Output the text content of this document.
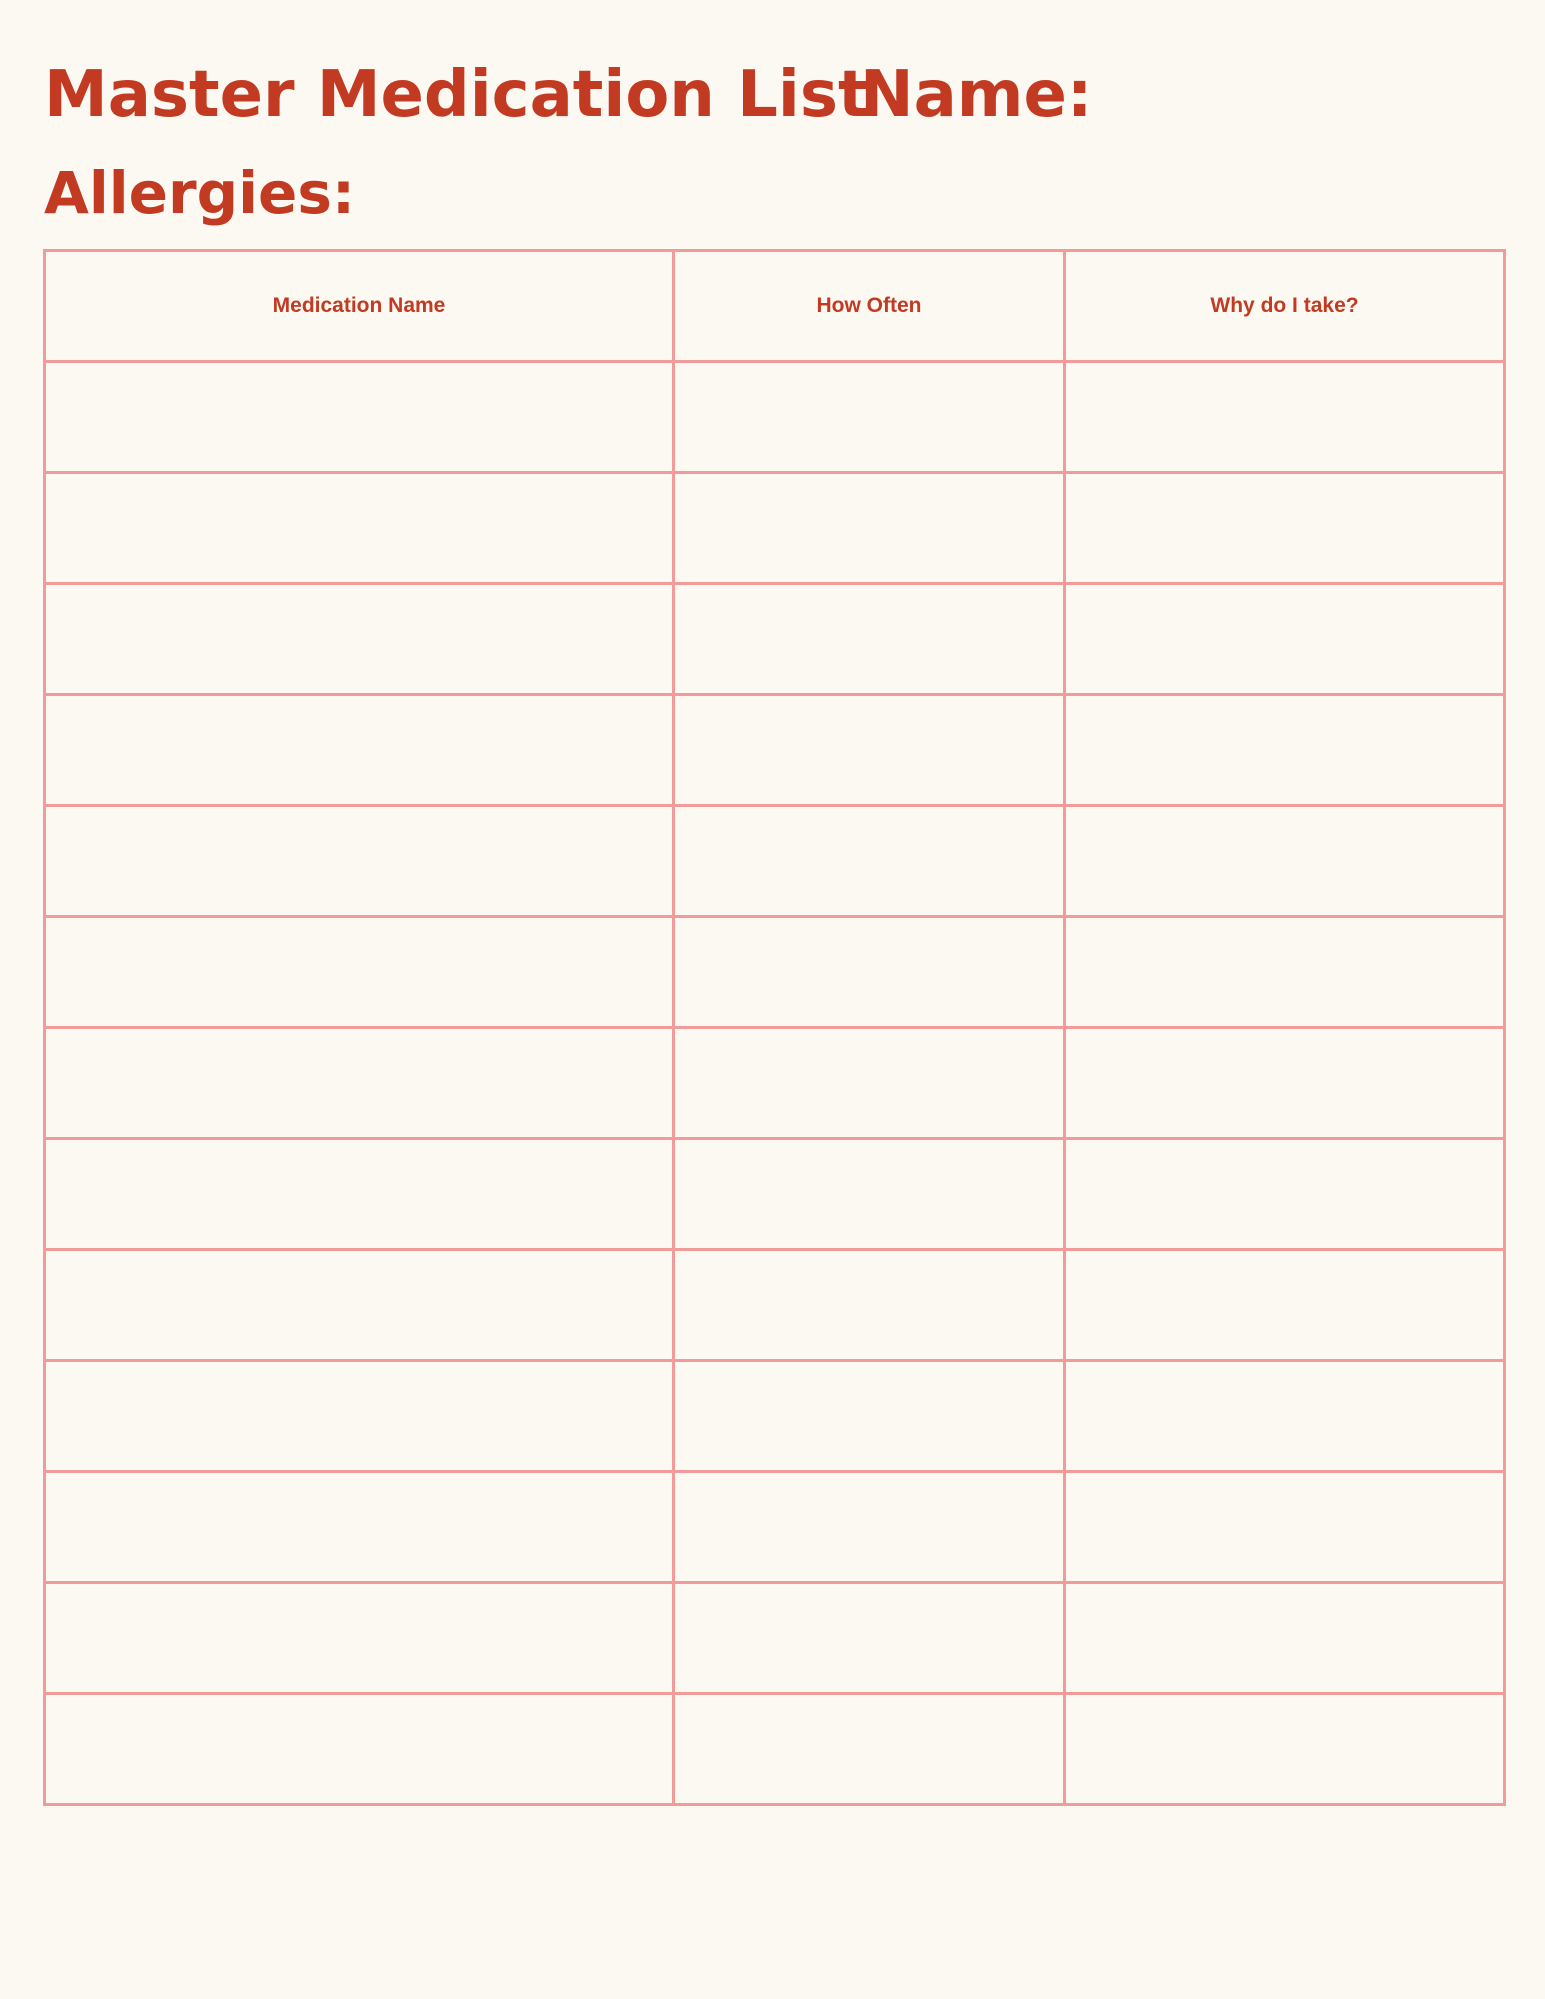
Master Medication List
Name:
Allergies:
Medication Name	How Often	Why do I take?
